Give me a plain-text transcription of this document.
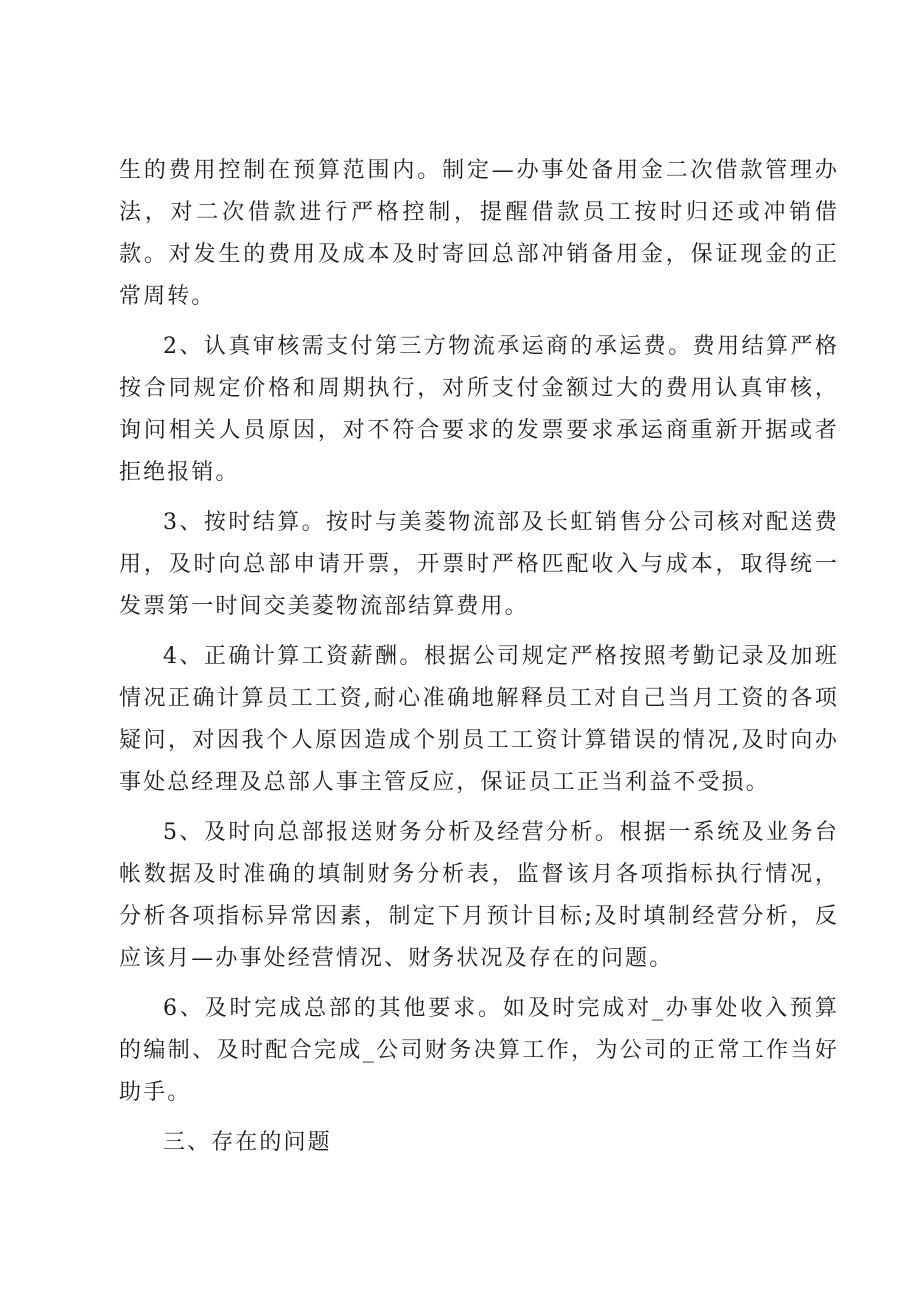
生的费用控制在预算范围内。制定—办事处备用金二次借款管理办法，对二次借款进行严格控制，提醒借款员工按时归还或冲销借款。对发生的费用及成本及时寄回总部冲销备用金，保证现金的正常周转。

2、认真审核需支付第三方物流承运商的承运费。费用结算严格按合同规定价格和周期执行，对所支付金额过大的费用认真审核，询问相关人员原因，对不符合要求的发票要求承运商重新开据或者拒绝报销。

3、按时结算。按时与美菱物流部及长虹销售分公司核对配送费用，及时向总部申请开票，开票时严格匹配收入与成本，取得统一发票第一时间交美菱物流部结算费用。

4、正确计算工资薪酬。根据公司规定严格按照考勤记录及加班情况正确计算员工工资,耐心准确地解释员工对自己当月工资的各项疑问，对因我个人原因造成个别员工工资计算错误的情况,及时向办事处总经理及总部人事主管反应，保证员工正当利益不受损。

5、及时向总部报送财务分析及经营分析。根据一系统及业务台帐数据及时准确的填制财务分析表，监督该月各项指标执行情况，分析各项指标异常因素，制定下月预计目标;及时填制经营分析，反应该月—办事处经营情况、财务状况及存在的问题。

6、及时完成总部的其他要求。如及时完成对_办事处收入预算的编制、及时配合完成_公司财务决算工作，为公司的正常工作当好助手。

三、存在的问题
